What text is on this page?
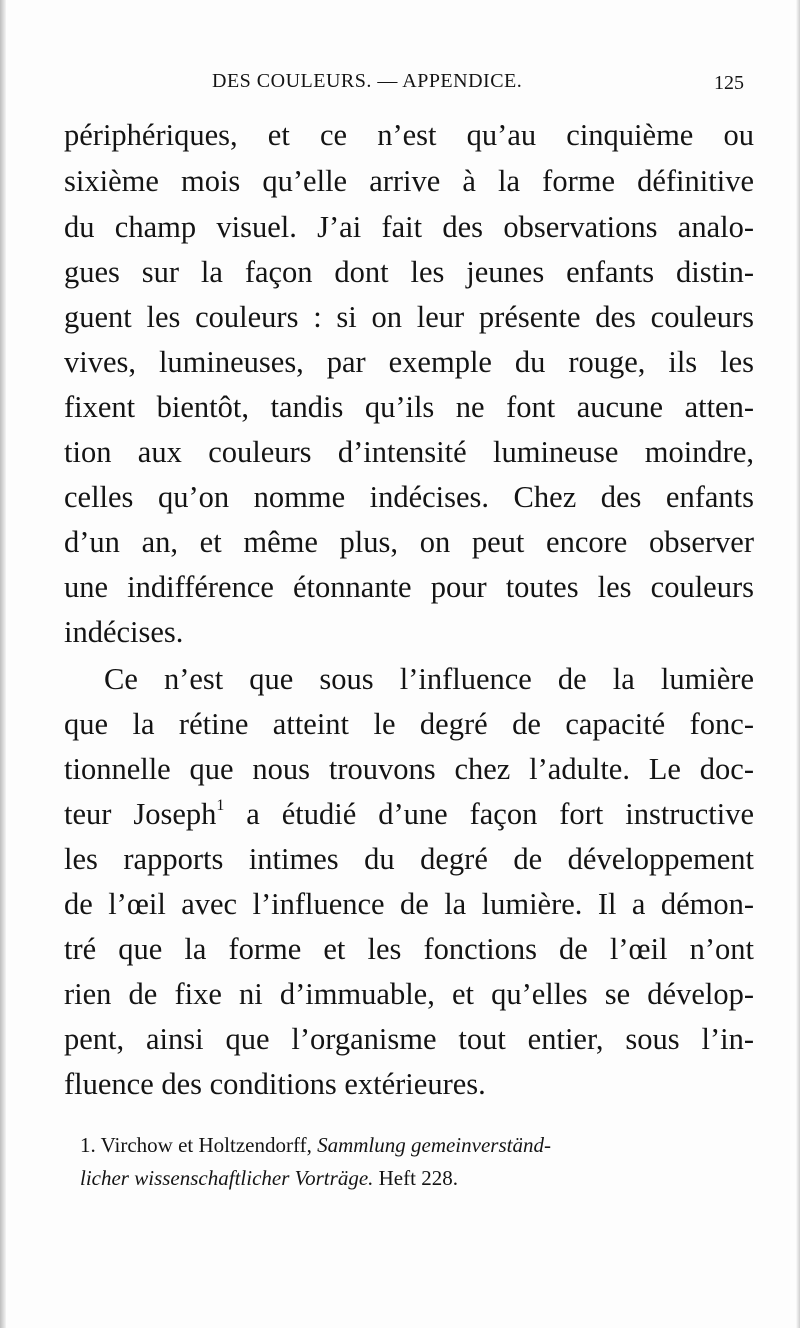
DES COULEURS. — APPENDICE.	125
périphériques, et ce n’est qu’au cinquième ou
sixième mois qu’elle arrive à la forme définitive
du champ visuel. J’ai fait des observations analo-
gues sur la façon dont les jeunes enfants distin-
guent les couleurs : si on leur présente des couleurs
vives, lumineuses, par exemple du rouge, ils les
fixent bientôt, tandis qu’ils ne font aucune atten-
tion aux couleurs d’intensité lumineuse moindre,
celles qu’on nomme indécises. Chez des enfants
d’un an, et même plus, on peut encore observer
une indifférence étonnante pour toutes les couleurs
indécises.
Ce n’est que sous l’influence de la lumière
que la rétine atteint le degré de capacité fonc-
tionnelle que nous trouvons chez l’adulte. Le doc-
teur Joseph$^1$ a étudié d’une façon fort instructive
les rapports intimes du degré de développement
de l’œil avec l’influence de la lumière. Il a démon-
tré que la forme et les fonctions de l’œil n’ont
rien de fixe ni d’immuable, et qu’elles se dévelop-
pent, ainsi que l’organisme tout entier, sous l’in-
fluence des conditions extérieures.
1. Virchow et Holtzendorff, Sammlung gemeinverständ-
licher wissenschaftlicher Vorträge. Heft 228.
